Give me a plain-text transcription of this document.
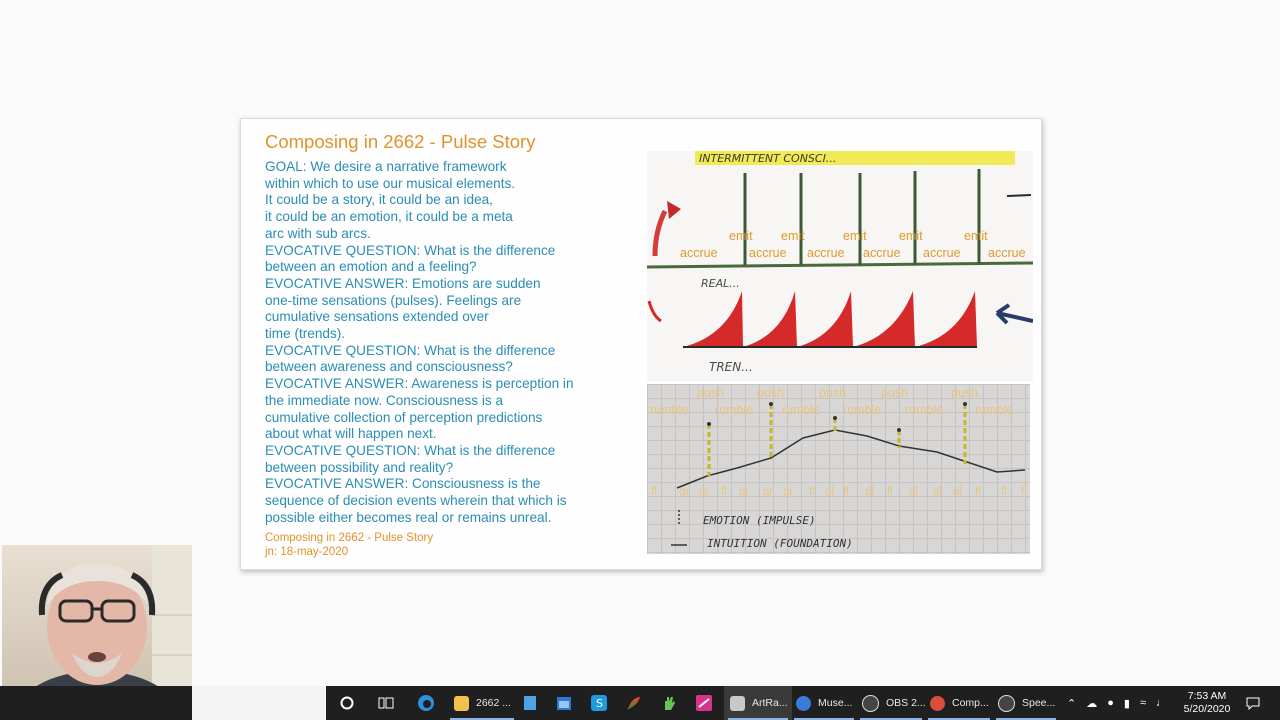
Composing in 2662 - Pulse Story
GOAL: We desire a narrative framework
within which to use our musical elements.
It could be a story, it could be an idea,
it could be an emotion, it could be a meta
arc with sub arcs.
EVOCATIVE QUESTION: What is the difference
between an emotion and a feeling?
EVOCATIVE ANSWER: Emotions are sudden
one-time sensations (pulses). Feelings are
cumulative sensations extended over
time (trends).
EVOCATIVE QUESTION: What is the difference
between awareness and consciousness?
EVOCATIVE ANSWER: Awareness is perception in
the immediate now. Consciousness is a
cumulative collection of perception predictions
about what will happen next.
EVOCATIVE QUESTION: What is the difference
between possibility and reality?
EVOCATIVE ANSWER: Consciousness is the
sequence of decision events wherein that which is
possible either becomes real or remains unreal.
Composing in 2662 - Pulse Story
jn: 18-may-2020
INTERMITTENT CONSCI...
REAL...
TREN...
emit emit	emit	emit	emit
accrue	accrue accrue accrue accrue accrue
EMOTION (IMPULSE)
INTUITION (FOUNDATION)
push	push	push	push	push
rumble rumble rumble rumble rumble	rumble
fl gr gr fl gr gr gr fl dl fl dl fl dl dl dl fl fl fl
2662 ...	S	ArtRa...	Muse...	OBS 2...	Comp...	Spee... ⌃ ☁ ● ▮ ≈ ♩
7:53 AM
5/20/2020
